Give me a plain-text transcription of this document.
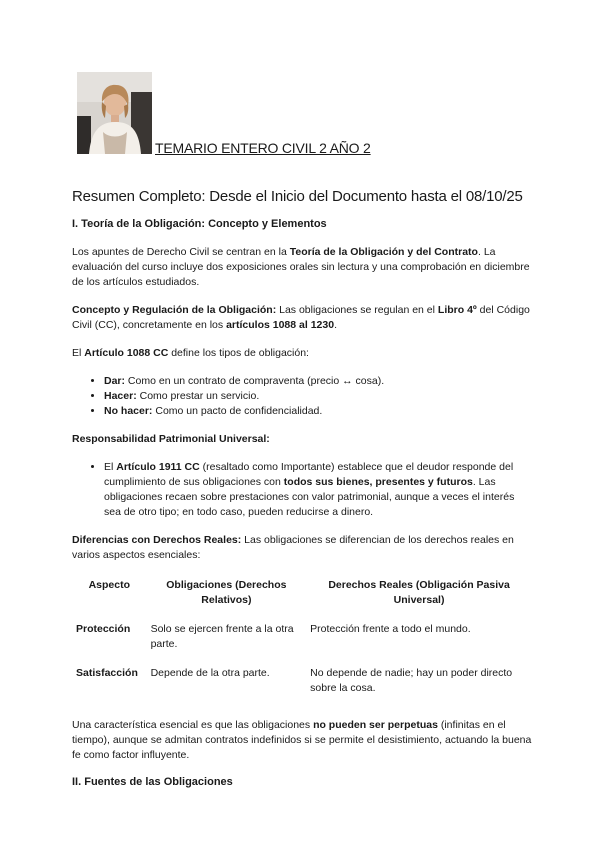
TEMARIO ENTERO CIVIL 2 AÑO 2
Resumen Completo: Desde el Inicio del Documento hasta el 08/10/25
I. Teoría de la Obligación: Concepto y Elementos

Los apuntes de Derecho Civil se centran en la Teoría de la Obligación y del Contrato. La evaluación del curso incluye dos exposiciones orales sin lectura y una comprobación en diciembre de los artículos estudiados.

Concepto y Regulación de la Obligación: Las obligaciones se regulan en el Libro 4º del Código Civil (CC), concretamente en los artículos 1088 al 1230.

El Artículo 1088 CC define los tipos de obligación:

• Dar: Como en un contrato de compraventa (precio ↔ cosa).
• Hacer: Como prestar un servicio.
• No hacer: Como un pacto de confidencialidad.

Responsabilidad Patrimonial Universal:

• El Artículo 1911 CC (resaltado como Importante) establece que el deudor responde del cumplimiento de sus obligaciones con todos sus bienes, presentes y futuros. Las obligaciones recaen sobre prestaciones con valor patrimonial, aunque a veces el interés sea de otro tipo; en todo caso, pueden reducirse a dinero.

Diferencias con Derechos Reales: Las obligaciones se diferencian de los derechos reales en varios aspectos esenciales:

Aspecto	Obligaciones (Derechos Relativos)	Derechos Reales (Obligación Pasiva Universal)
Protección	Solo se ejercen frente a la otra parte.	Protección frente a todo el mundo.
Satisfacción	Depende de la otra parte.	No depende de nadie; hay un poder directo sobre la cosa.

Una característica esencial es que las obligaciones no pueden ser perpetuas (infinitas en el tiempo), aunque se admitan contratos indefinidos si se permite el desistimiento, actuando la buena fe como factor influyente.

II. Fuentes de las Obligaciones
